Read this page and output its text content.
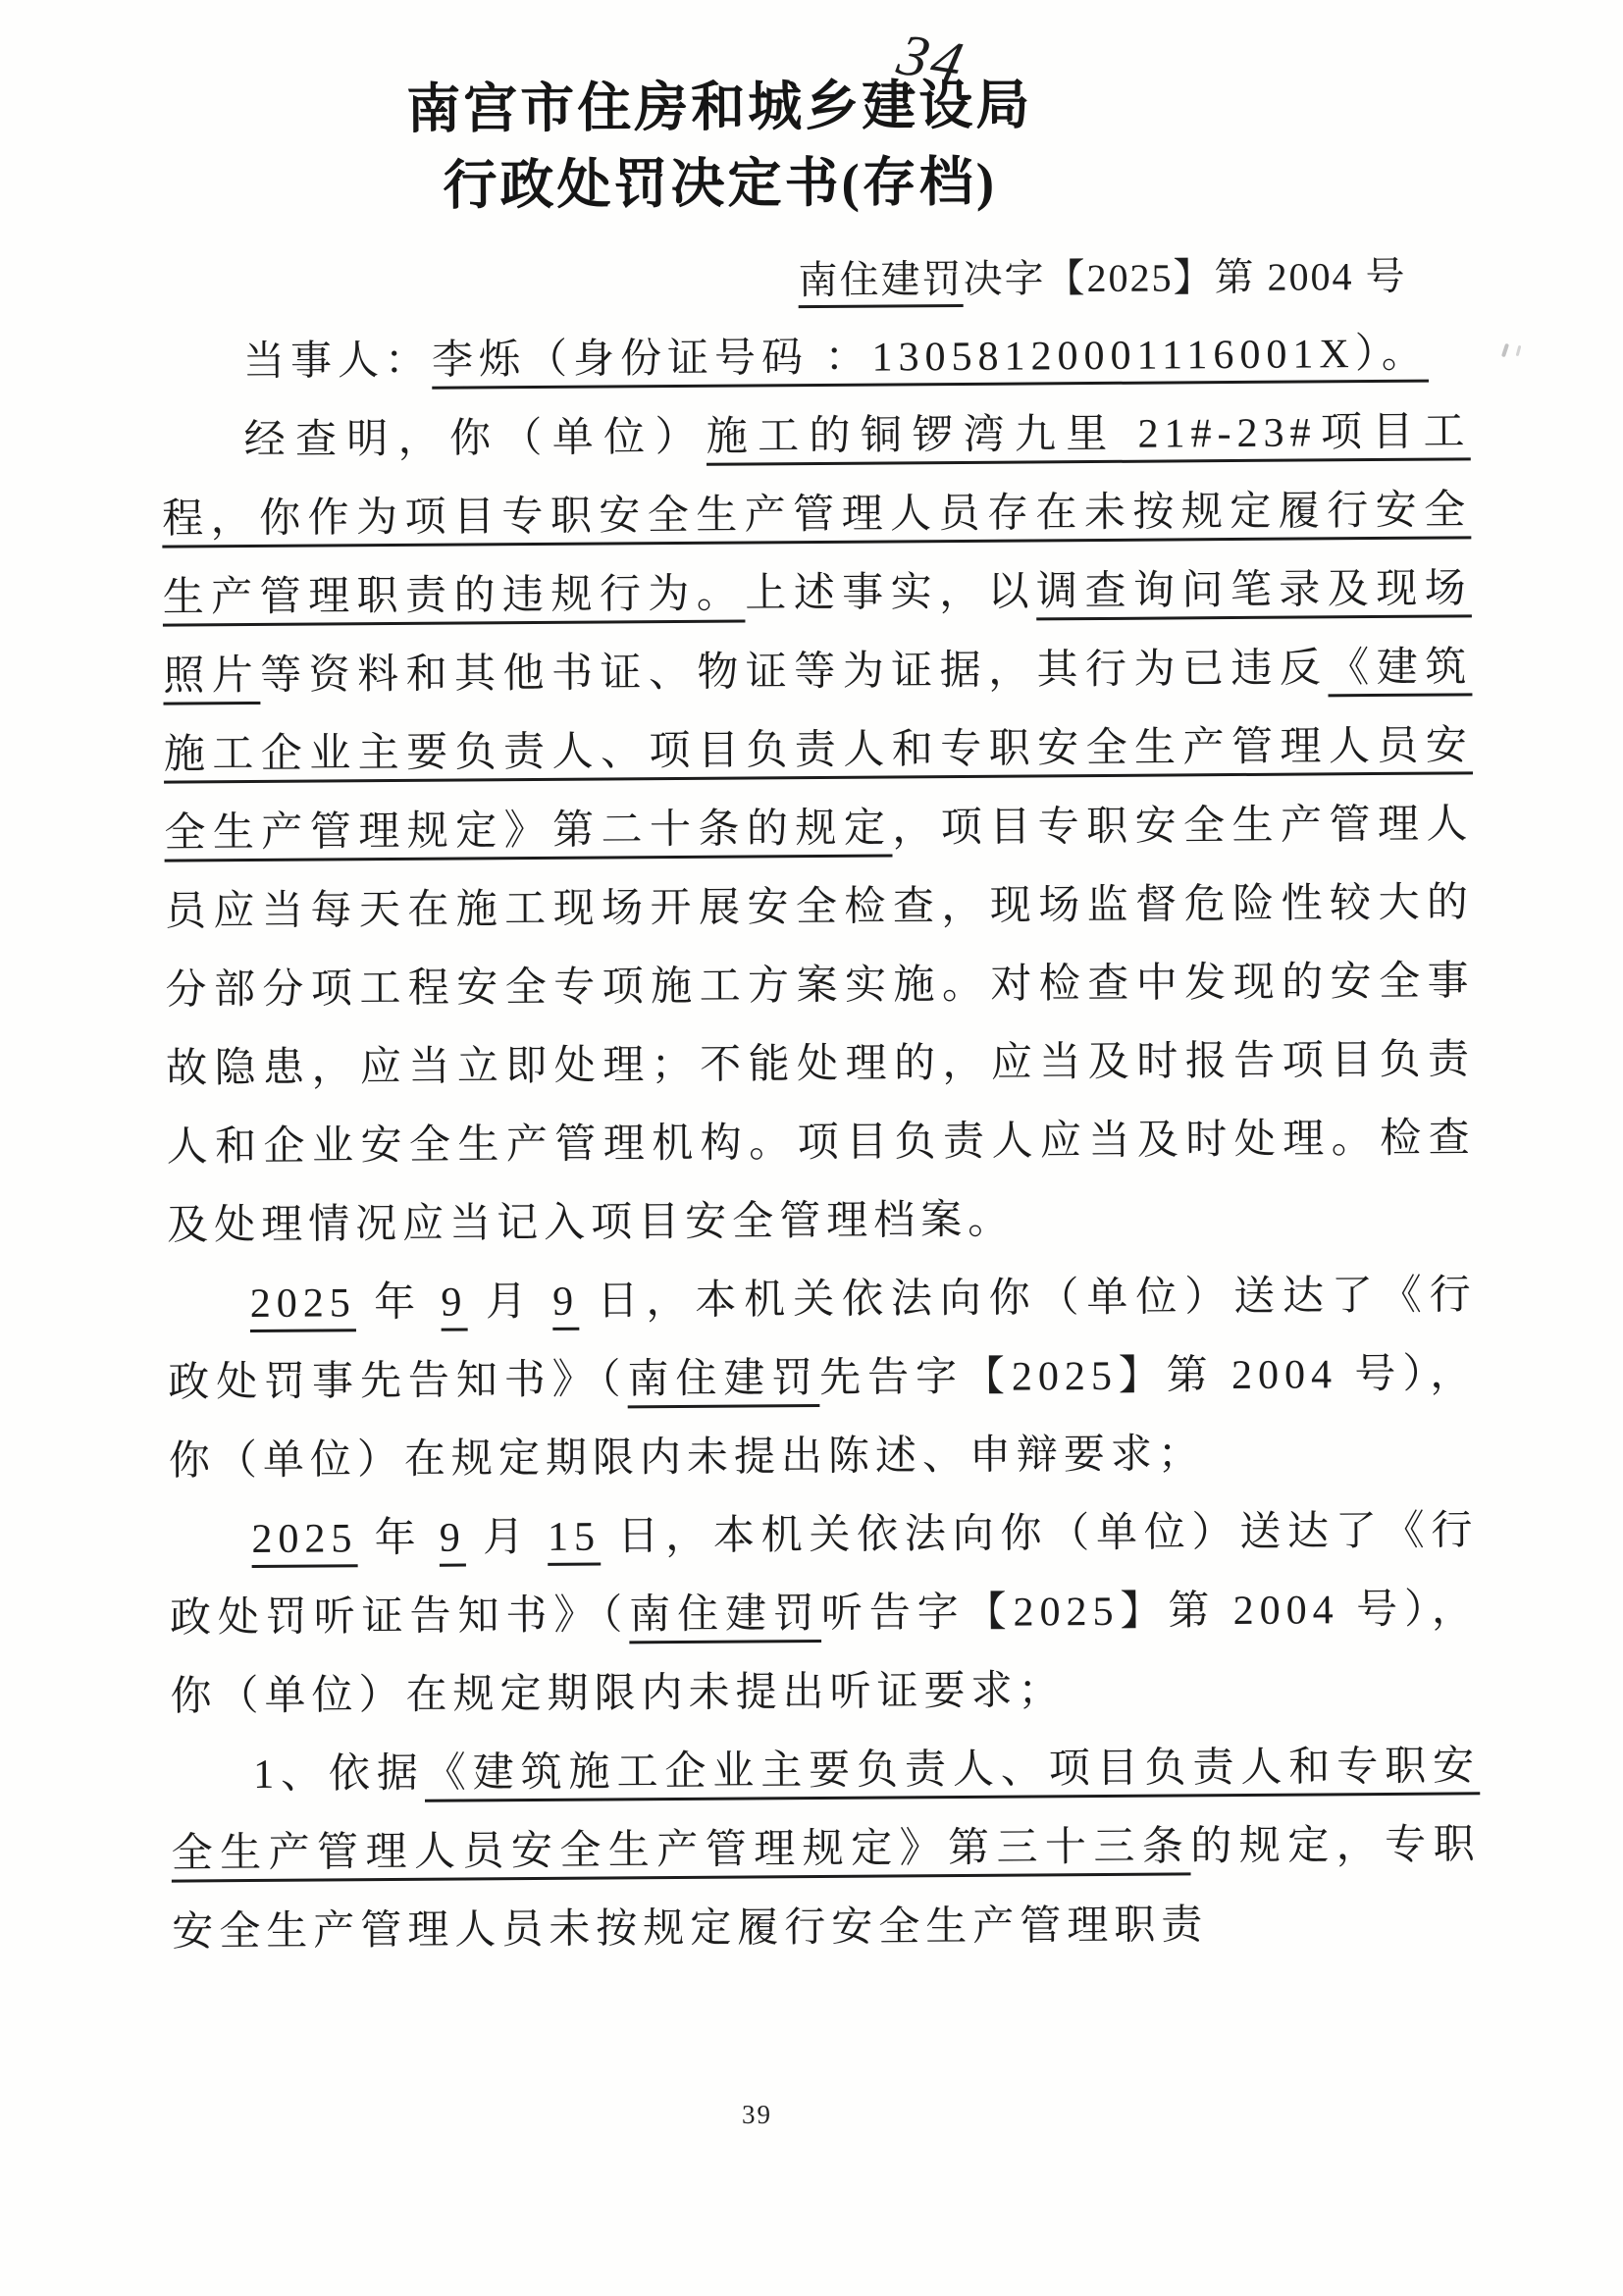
34
南宫市住房和城乡建设局
行政处罚决定书(存档)
南住建罚决字【2025】第 2004 号

当事人：李烁（身份证号码 ：13058120001116001X）。

经查明，你（单位）施工的铜锣湾九里 21#-23#项目工程，你作为项目专职安全生产管理人员存在未按规定履行安全生产管理职责的违规行为。上述事实，以调查询问笔录及现场照片等资料和其他书证、物证等为证据，其行为已违反《建筑施工企业主要负责人、项目负责人和专职安全生产管理人员安全生产管理规定》第二十条的规定，项目专职安全生产管理人员应当每天在施工现场开展安全检查，现场监督危险性较大的分部分项工程安全专项施工方案实施。对检查中发现的安全事故隐患，应当立即处理；不能处理的，应当及时报告项目负责人和企业安全生产管理机构。项目负责人应当及时处理。检查及处理情况应当记入项目安全管理档案。

2025 年 9 月 9 日，本机关依法向你（单位）送达了《行政处罚事先告知书》（南住建罚先告字【2025】第 2004 号），你（单位）在规定期限内未提出陈述、申辩要求；

2025 年 9 月 15 日，本机关依法向你（单位）送达了《行政处罚听证告知书》（南住建罚听告字【2025】第 2004 号），你（单位）在规定期限内未提出听证要求；

1、依据《建筑施工企业主要负责人、项目负责人和专职安全生产管理人员安全生产管理规定》第三十三条的规定，专职安全生产管理人员未按规定履行安全生产管理职责

39
